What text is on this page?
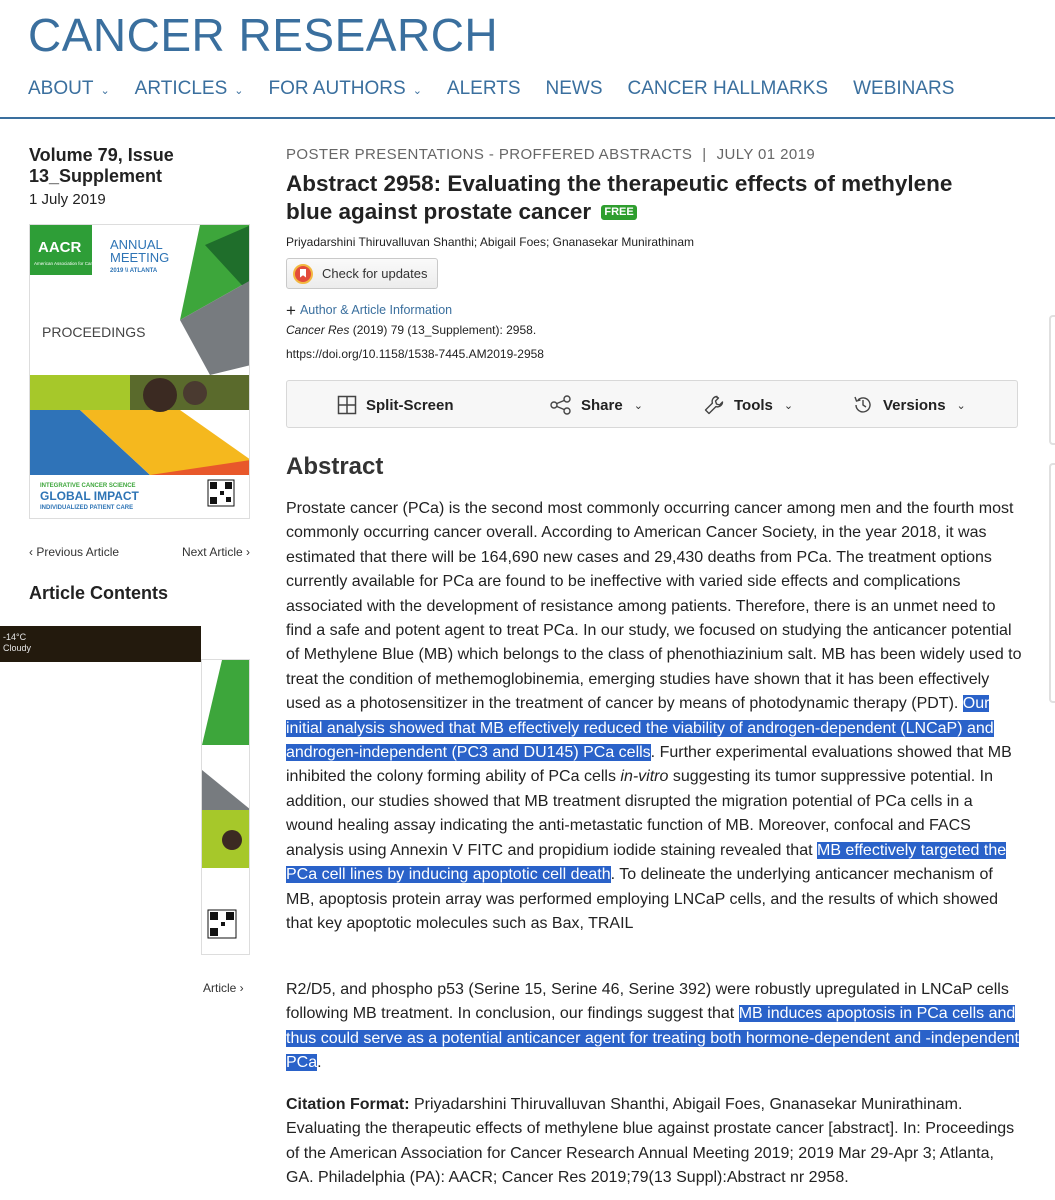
CANCER RESEARCH
ABOUT ⌄ ARTICLES ⌄ FOR AUTHORS ⌄ ALERTS NEWS CANCER HALLMARKS WEBINARS
Volume 79, Issue 13_Supplement
1 July 2019
AACR
American Association for Cancer Research
ANNUAL
MEETING
2019 \\ ATLANTA
PROCEEDINGS
INTEGRATIVE CANCER SCIENCE
GLOBAL IMPACT
INDIVIDUALIZED PATIENT CARE
‹ Previous Article	Next Article ›
Article Contents
-14°C
Cloudy
Article ›
POSTER PRESENTATIONS - PROFFERED ABSTRACTS | JULY 01 2019
Abstract 2958: Evaluating the therapeutic effects of methylene blue against prostate cancer FREE
Priyadarshini Thiruvalluvan Shanthi; Abigail Foes; Gnanasekar Munirathinam
Check for updates
+ Author & Article Information
Cancer Res (2019) 79 (13_Supplement): 2958.
https://doi.org/10.1158/1538-7445.AM2019-2958
Split-Screen	Share ⌄	Tools ⌄	Versions ⌄
Abstract

Prostate cancer (PCa) is the second most commonly occurring cancer among men and the fourth most commonly occurring cancer overall. According to American Cancer Society, in the year 2018, it was estimated that there will be 164,690 new cases and 29,430 deaths from PCa. The treatment options currently available for PCa are found to be ineffective with varied side effects and complications associated with the development of resistance among patients. Therefore, there is an unmet need to find a safe and potent agent to treat PCa. In our study, we focused on studying the anticancer potential of Methylene Blue (MB) which belongs to the class of phenothiazinium salt. MB has been widely used to treat the condition of methemoglobinemia, emerging studies have shown that it has been effectively used as a photosensitizer in the treatment of cancer by means of photodynamic therapy (PDT). Our initial analysis showed that MB effectively reduced the viability of androgen-dependent (LNCaP) and androgen-independent (PC3 and DU145) PCa cells. Further experimental evaluations showed that MB inhibited the colony forming ability of PCa cells in-vitro suggesting its tumor suppressive potential. In addition, our studies showed that MB treatment disrupted the migration potential of PCa cells in a wound healing assay indicating the anti-metastatic function of MB. Moreover, confocal and FACS analysis using Annexin V FITC and propidium iodide staining revealed that MB effectively targeted the PCa cell lines by inducing apoptotic cell death. To delineate the underlying anticancer mechanism of MB, apoptosis protein array was performed employing LNCaP cells, and the results of which showed that key apoptotic molecules such as Bax, TRAIL

R2/D5, and phospho p53 (Serine 15, Serine 46, Serine 392) were robustly upregulated in LNCaP cells following MB treatment. In conclusion, our findings suggest that MB induces apoptosis in PCa cells and thus could serve as a potential anticancer agent for treating both hormone-dependent and -independent PCa.

Citation Format: Priyadarshini Thiruvalluvan Shanthi, Abigail Foes, Gnanasekar Munirathinam. Evaluating the therapeutic effects of methylene blue against prostate cancer [abstract]. In: Proceedings of the American Association for Cancer Research Annual Meeting 2019; 2019 Mar 29-Apr 3; Atlanta, GA. Philadelphia (PA): AACR; Cancer Res 2019;79(13 Suppl):Abstract nr 2958.
